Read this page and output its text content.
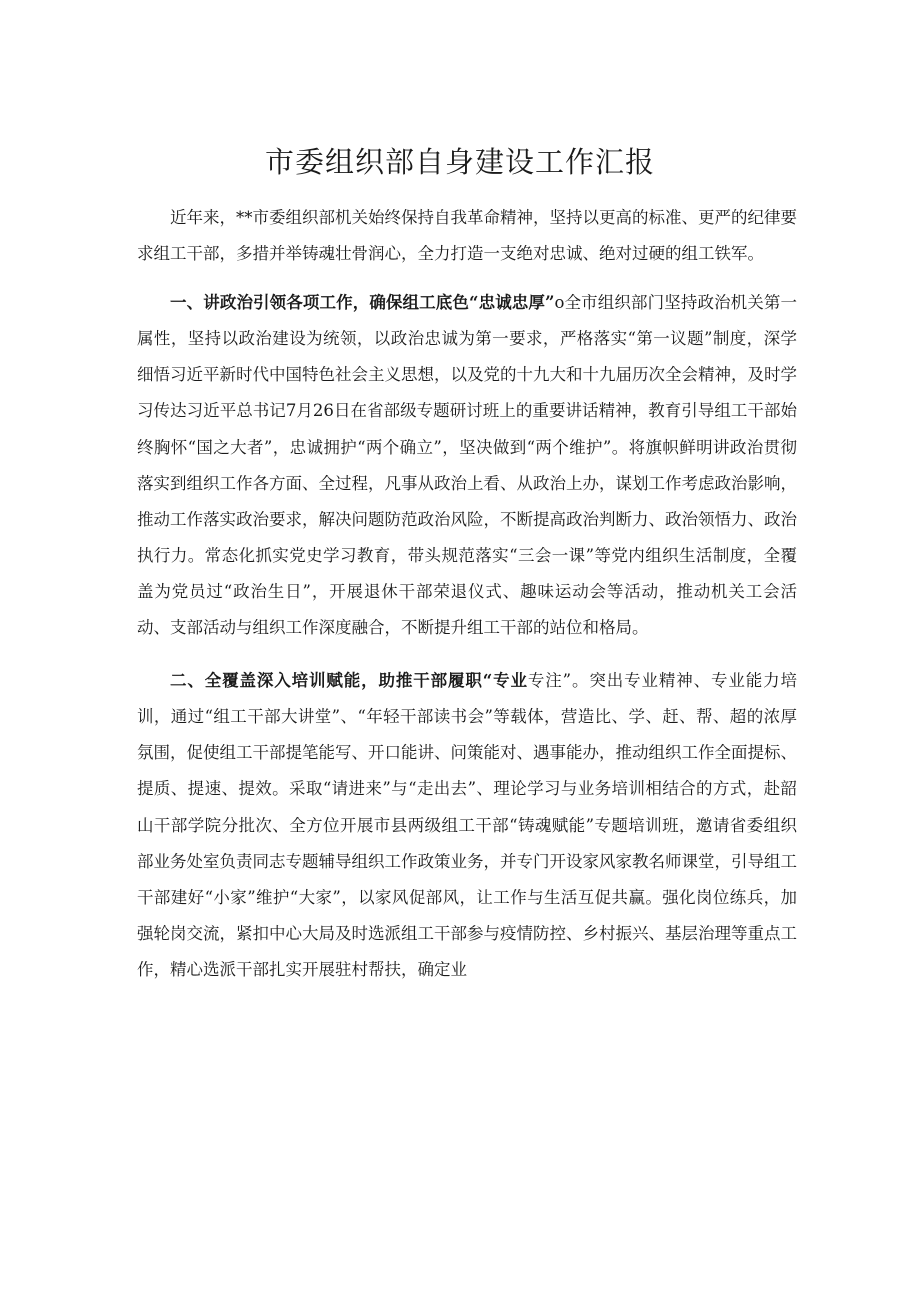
市委组织部自身建设工作汇报

近年来，**市委组织部机关始终保持自我革命精神，坚持以更高的标准、更严的纪律要求组工干部，多措并举铸魂壮骨润心，全力打造一支绝对忠诚、绝对过硬的组工铁军。

一、讲政治引领各项工作，确保组工底色“忠诚忠厚”o全市组织部门坚持政治机关第一属性，坚持以政治建设为统领，以政治忠诚为第一要求，严格落实“第一议题”制度，深学细悟习近平新时代中国特色社会主义思想，以及党的十九大和十九届历次全会精神，及时学习传达习近平总书记7月26日在省部级专题研讨班上的重要讲话精神，教育引导组工干部始终胸怀“国之大者”，忠诚拥护“两个确立”，坚决做到“两个维护”。将旗帜鲜明讲政治贯彻落实到组织工作各方面、全过程，凡事从政治上看、从政治上办，谋划工作考虑政治影响，推动工作落实政治要求，解决问题防范政治风险，不断提高政治判断力、政治领悟力、政治执行力。常态化抓实党史学习教育，带头规范落实“三会一课”等党内组织生活制度，全覆盖为党员过“政治生日”，开展退休干部荣退仪式、趣味运动会等活动，推动机关工会活动、支部活动与组织工作深度融合，不断提升组工干部的站位和格局。

二、全覆盖深入培训赋能，助推干部履职“专业专注”。突出专业精神、专业能力培训，通过“组工干部大讲堂”、“年轻干部读书会”等载体，营造比、学、赶、帮、超的浓厚氛围，促使组工干部提笔能写、开口能讲、问策能对、遇事能办，推动组织工作全面提标、提质、提速、提效。采取“请进来”与“走出去”、理论学习与业务培训相结合的方式，赴韶山干部学院分批次、全方位开展市县两级组工干部“铸魂赋能”专题培训班，邀请省委组织部业务处室负责同志专题辅导组织工作政策业务，并专门开设家风家教名师课堂，引导组工干部建好“小家”维护“大家”，以家风促部风，让工作与生活互促共赢。强化岗位练兵，加强轮岗交流，紧扣中心大局及时选派组工干部参与疫情防控、乡村振兴、基层治理等重点工作，精心选派干部扎实开展驻村帮扶，确定业
